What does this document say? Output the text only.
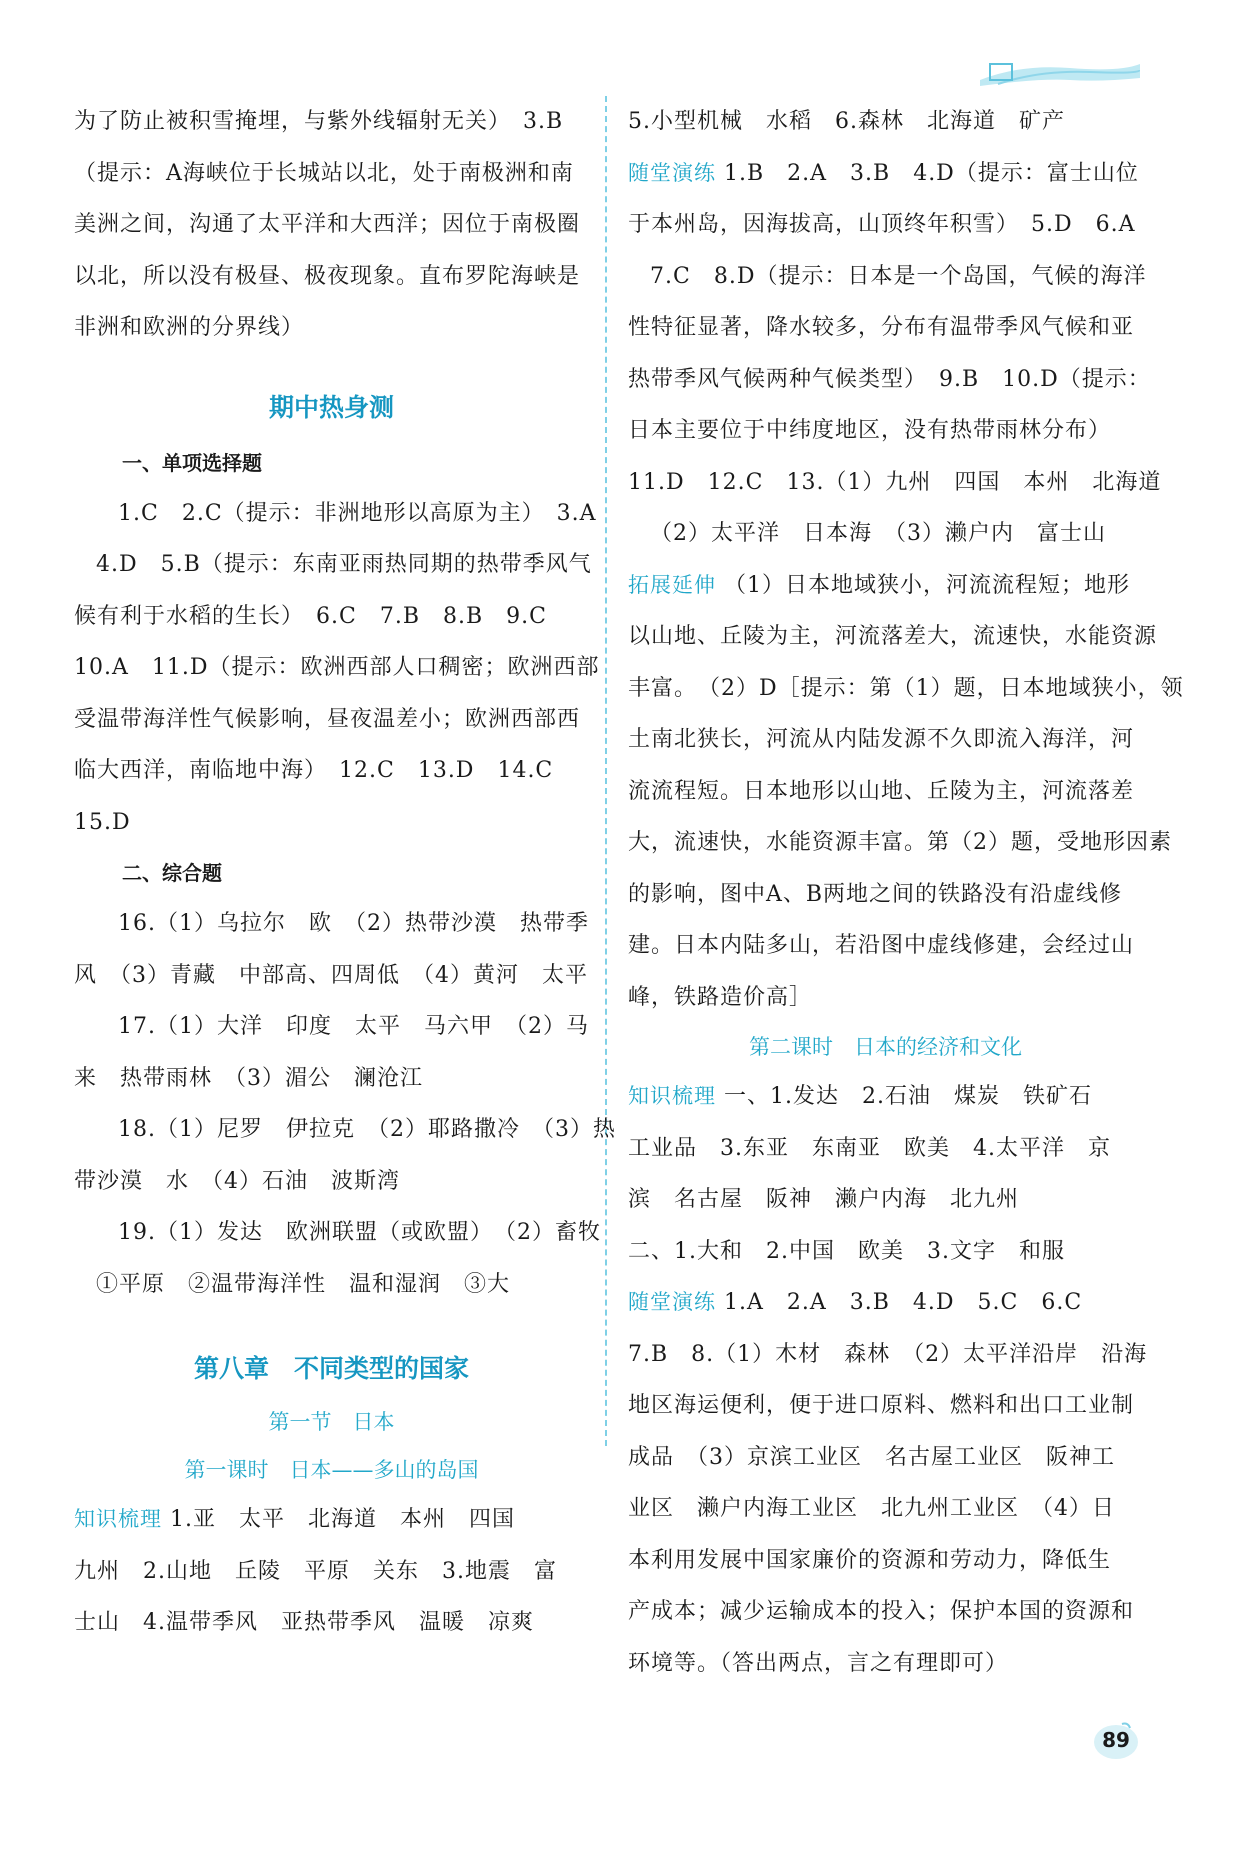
为了防止被积雪掩埋，与紫外线辐射无关）　3.B
（提示：A海峡位于长城站以北，处于南极洲和南
美洲之间，沟通了太平洋和大西洋；因位于南极圈
以北，所以没有极昼、极夜现象。直布罗陀海峡是
非洲和欧洲的分界线）
期中热身测
一、单项选择题
1.C　2.C（提示：非洲地形以高原为主）　3.A
4.D　5.B（提示：东南亚雨热同期的热带季风气
候有利于水稻的生长）　6.C　7.B　8.B　9.C
10.A　11.D（提示：欧洲西部人口稠密；欧洲西部
受温带海洋性气候影响，昼夜温差小；欧洲西部西
临大西洋，南临地中海）　12.C　13.D　14.C
15.D
二、综合题
16.（1）乌拉尔　欧　（2）热带沙漠　热带季
风　（3）青藏　中部高、四周低　（4）黄河　太平
17.（1）大洋　印度　太平　马六甲　（2）马
来　热带雨林　（3）湄公　澜沧江
18.（1）尼罗　伊拉克　（2）耶路撒冷　（3）热
带沙漠　水　（4）石油　波斯湾
19.（1）发达　欧洲联盟（或欧盟）　（2）畜牧
①平原　②温带海洋性　温和湿润　③大
第八章　不同类型的国家
第一节　日本
第一课时　日本——多山的岛国
知识梳理 1.亚　太平　北海道　本州　四国
九州　2.山地　丘陵　平原　关东　3.地震　富
士山　4.温带季风　亚热带季风　温暖　凉爽
5.小型机械　水稻　6.森林　北海道　矿产
随堂演练 1.B　2.A　3.B　4.D（提示：富士山位
于本州岛，因海拔高，山顶终年积雪）　5.D　6.A
7.C　8.D（提示：日本是一个岛国，气候的海洋
性特征显著，降水较多，分布有温带季风气候和亚
热带季风气候两种气候类型）　9.B　10.D（提示：
日本主要位于中纬度地区，没有热带雨林分布）
11.D　12.C　13.（1）九州　四国　本州　北海道
（2）太平洋　日本海　（3）濑户内　富士山
拓展延伸 （1）日本地域狭小，河流流程短；地形
以山地、丘陵为主，河流落差大，流速快，水能资源
丰富。　（2）D［提示：第（1）题，日本地域狭小，领
土南北狭长，河流从内陆发源不久即流入海洋，河
流流程短。日本地形以山地、丘陵为主，河流落差
大，流速快，水能资源丰富。第（2）题，受地形因素
的影响，图中A、B两地之间的铁路没有沿虚线修
建。日本内陆多山，若沿图中虚线修建，会经过山
峰，铁路造价高］
第二课时　日本的经济和文化
知识梳理 一、1.发达　2.石油　煤炭　铁矿石
工业品　3.东亚　东南亚　欧美　4.太平洋　京
滨　名古屋　阪神　濑户内海　北九州
二、1.大和　2.中国　欧美　3.文字　和服
随堂演练 1.A　2.A　3.B　4.D　5.C　6.C
7.B　8.（1）木材　森林　（2）太平洋沿岸　沿海
地区海运便利，便于进口原料、燃料和出口工业制
成品　（3）京滨工业区　名古屋工业区　阪神工
业区　濑户内海工业区　北九州工业区　（4）日
本利用发展中国家廉价的资源和劳动力，降低生
产成本；减少运输成本的投入；保护本国的资源和
环境等。（答出两点，言之有理即可）
89
